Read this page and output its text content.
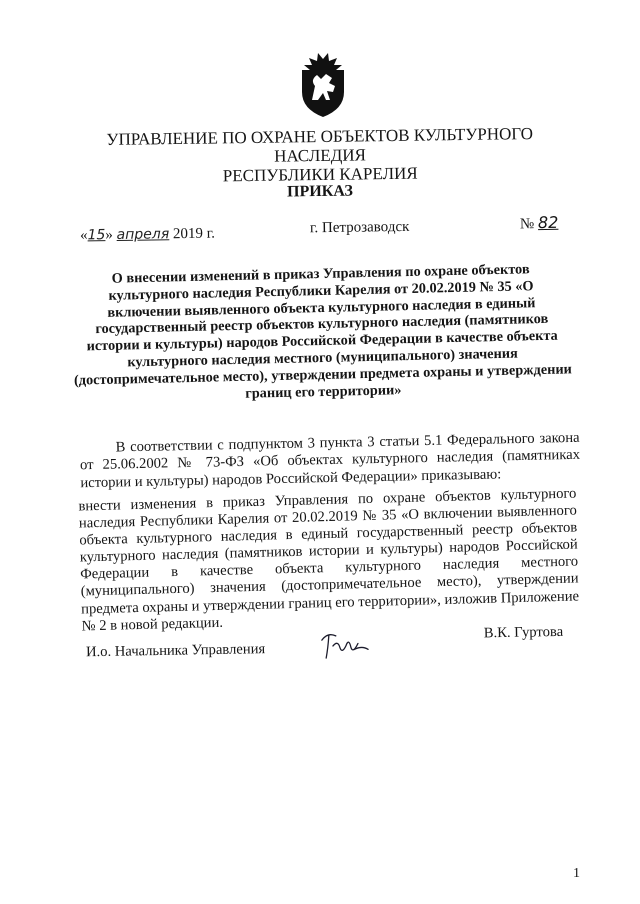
УПРАВЛЕНИЕ ПО ОХРАНЕ ОБЪЕКТОВ КУЛЬТУРНОГО НАСЛЕДИЯ
РЕСПУБЛИКИ КАРЕЛИЯ
ПРИКАЗ
«15» апреля 2019 г.	г. Петрозаводск	№ 82
О внесении изменений в приказ Управления по охране объектов культурного наследия Республики Карелия от 20.02.2019 № 35 «О включении выявленного объекта культурного наследия в единый государственный реестр объектов культурного наследия (памятников истории и культуры) народов Российской Федерации в качестве объекта культурного наследия местного (муниципального) значения (достопримечательное место), утверждении предмета охраны и утверждении границ его территории»
В соответствии с подпунктом 3 пункта 3 статьи 5.1 Федерального закона от 25.06.2002 № 73-ФЗ «Об объектах культурного наследия (памятниках истории и культуры) народов Российской Федерации» приказываю:
внести изменения в приказ Управления по охране объектов культурного наследия Республики Карелия от 20.02.2019 № 35 «О включении выявленного объекта культурного наследия в единый государственный реестр объектов культурного наследия (памятников истории и культуры) народов Российской Федерации в качестве объекта культурного наследия местного (муниципального) значения (достопримечательное место), утверждении предмета охраны и утверждении границ его территории», изложив Приложение № 2 в новой редакции.
И.о. Начальника Управления
В.К. Гуртова
1
